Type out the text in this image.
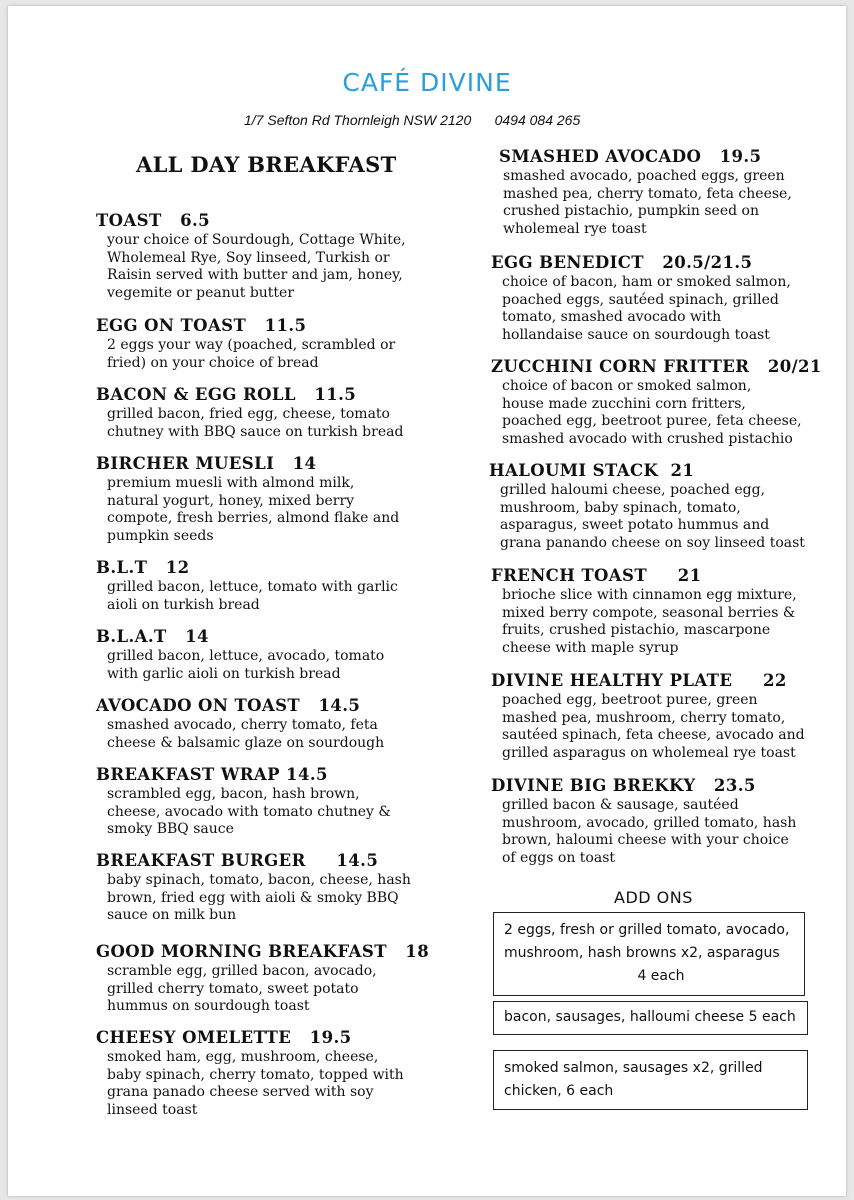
CAFÉ DIVINE
1/7 Sefton Rd Thornleigh NSW 2120 0494 084 265
ALL DAY BREAKFAST
TOAST   6.5
your choice of Sourdough, Cottage White,
Wholemeal Rye, Soy linseed, Turkish or
Raisin served with butter and jam, honey,
vegemite or peanut butter
EGG ON TOAST   11.5
2 eggs your way (poached, scrambled or
fried) on your choice of bread
BACON & EGG ROLL   11.5
grilled bacon, fried egg, cheese, tomato
chutney with BBQ sauce on turkish bread
BIRCHER MUESLI   14
premium muesli with almond milk,
natural yogurt, honey, mixed berry
compote, fresh berries, almond flake and
pumpkin seeds
B.L.T   12
grilled bacon, lettuce, tomato with garlic
aioli on turkish bread
B.L.A.T   14
grilled bacon, lettuce, avocado, tomato
with garlic aioli on turkish bread
AVOCADO ON TOAST   14.5
smashed avocado, cherry tomato, feta
cheese & balsamic glaze on sourdough
BREAKFAST WRAP 14.5
scrambled egg, bacon, hash brown,
cheese, avocado with tomato chutney &
smoky BBQ sauce
BREAKFAST BURGER     14.5
baby spinach, tomato, bacon, cheese, hash
brown, fried egg with aioli & smoky BBQ
sauce on milk bun
GOOD MORNING BREAKFAST   18
scramble egg, grilled bacon, avocado,
grilled cherry tomato, sweet potato
hummus on sourdough toast
CHEESY OMELETTE   19.5
smoked ham, egg, mushroom, cheese,
baby spinach, cherry tomato, topped with
grana panado cheese served with soy
linseed toast
SMASHED AVOCADO   19.5
smashed avocado, poached eggs, green
mashed pea, cherry tomato, feta cheese,
crushed pistachio, pumpkin seed on
wholemeal rye toast
EGG BENEDICT   20.5/21.5
choice of bacon, ham or smoked salmon,
poached eggs, sautéed spinach, grilled
tomato, smashed avocado with
hollandaise sauce on sourdough toast
ZUCCHINI CORN FRITTER   20/21
choice of bacon or smoked salmon,
house made zucchini corn fritters,
poached egg, beetroot puree, feta cheese,
smashed avocado with crushed pistachio
HALOUMI STACK  21
grilled haloumi cheese, poached egg,
mushroom, baby spinach, tomato,
asparagus, sweet potato hummus and
grana panando cheese on soy linseed toast
FRENCH TOAST     21
brioche slice with cinnamon egg mixture,
mixed berry compote, seasonal berries &
fruits, crushed pistachio, mascarpone
cheese with maple syrup
DIVINE HEALTHY PLATE     22
poached egg, beetroot puree, green
mashed pea, mushroom, cherry tomato,
sautéed spinach, feta cheese, avocado and
grilled asparagus on wholemeal rye toast
DIVINE BIG BREKKY   23.5
grilled bacon & sausage, sautéed
mushroom, avocado, grilled tomato, hash
brown, haloumi cheese with your choice
of eggs on toast
ADD ONS
2 eggs, fresh or grilled tomato, avocado, mushroom, hash browns x2, asparagus
4 each
bacon, sausages, halloumi cheese 5 each
smoked salmon, sausages x2, grilled chicken, 6 each
